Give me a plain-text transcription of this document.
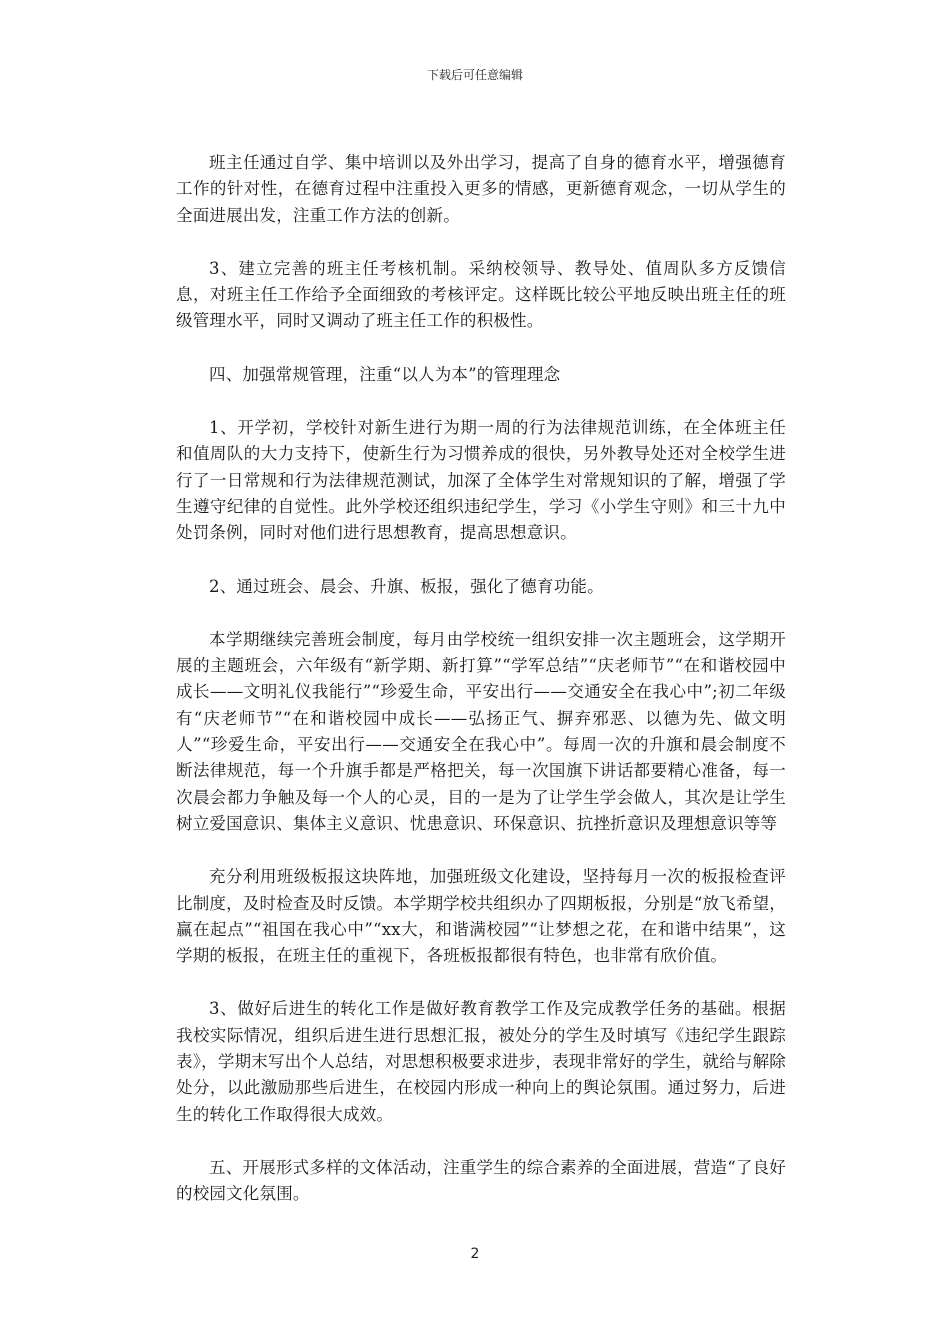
下载后可任意编辑

班主任通过自学、集中培训以及外出学习，提高了自身的德育水平，增强德育工作的针对性，在德育过程中注重投入更多的情感，更新德育观念，一切从学生的全面进展出发，注重工作方法的创新。

3、建立完善的班主任考核机制。采纳校领导、教导处、值周队多方反馈信息，对班主任工作给予全面细致的考核评定。这样既比较公平地反映出班主任的班级管理水平，同时又调动了班主任工作的积极性。

四、加强常规管理，注重“以人为本”的管理理念

1、开学初，学校针对新生进行为期一周的行为法律规范训练，在全体班主任和值周队的大力支持下，使新生行为习惯养成的很快，另外教导处还对全校学生进行了一日常规和行为法律规范测试，加深了全体学生对常规知识的了解，增强了学生遵守纪律的自觉性。此外学校还组织违纪学生，学习《小学生守则》和三十九中处罚条例，同时对他们进行思想教育，提高思想意识。

2、通过班会、晨会、升旗、板报，强化了德育功能。

本学期继续完善班会制度，每月由学校统一组织安排一次主题班会，这学期开展的主题班会，六年级有“新学期、新打算”“学军总结”“庆老师节”“在和谐校园中成长——文明礼仪我能行”“珍爱生命，平安出行——交通安全在我心中”;初二年级有“庆老师节”“在和谐校园中成长——弘扬正气、摒弃邪恶、以德为先、做文明人”“珍爱生命，平安出行——交通安全在我心中”。每周一次的升旗和晨会制度不断法律规范，每一个升旗手都是严格把关，每一次国旗下讲话都要精心准备，每一次晨会都力争触及每一个人的心灵，目的一是为了让学生学会做人，其次是让学生树立爱国意识、集体主义意识、忧患意识、环保意识、抗挫折意识及理想意识等等

充分利用班级板报这块阵地，加强班级文化建设，坚持每月一次的板报检查评比制度，及时检查及时反馈。本学期学校共组织办了四期板报，分别是“放飞希望，赢在起点”“祖国在我心中”“xx大，和谐满校园”“让梦想之花，在和谐中结果”，这学期的板报，在班主任的重视下，各班板报都很有特色，也非常有欣价值。

3、做好后进生的转化工作是做好教育教学工作及完成教学任务的基础。根据我校实际情况，组织后进生进行思想汇报，被处分的学生及时填写《违纪学生跟踪表》，学期末写出个人总结，对思想积极要求进步，表现非常好的学生，就给与解除处分，以此激励那些后进生，在校园内形成一种向上的舆论氛围。通过努力，后进生的转化工作取得很大成效。

五、开展形式多样的文体活动，注重学生的综合素养的全面进展，营造“了良好的校园文化氛围。

2
